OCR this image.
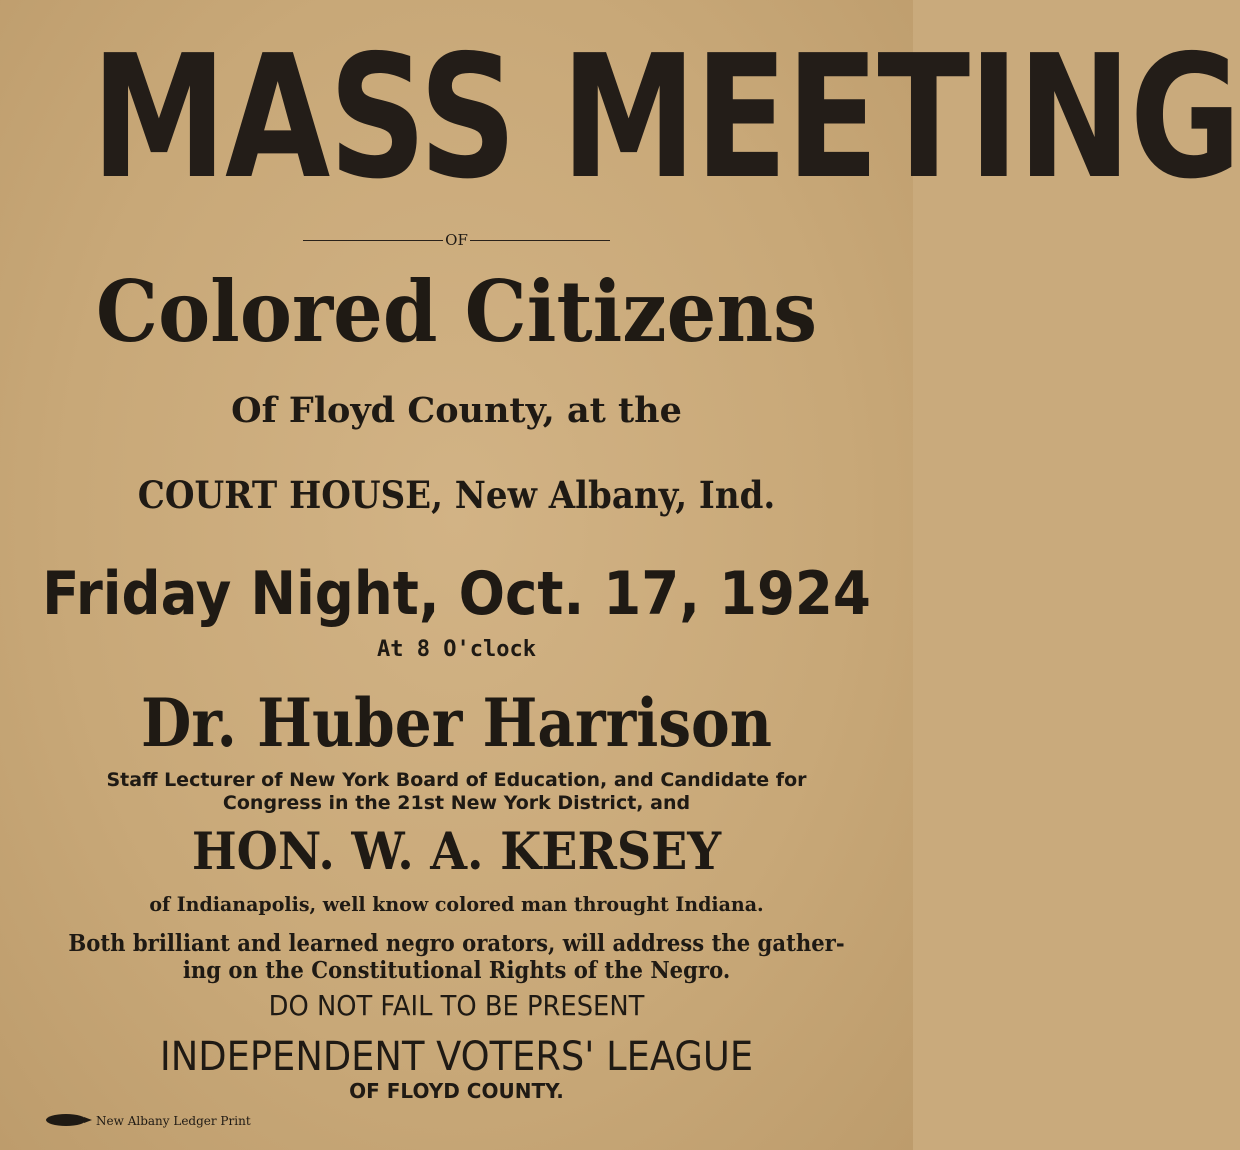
MASS MEETING
OF
Colored Citizens
Of Floyd County, at the
COURT HOUSE, New Albany, Ind.
Friday Night, Oct. 17, 1924
At 8 O'clock
Dr. Huber Harrison
Staff Lecturer of New York Board of Education, and Candidate for
Congress in the 21st New York District, and
HON. W. A. KERSEY
of Indianapolis, well know colored man throught Indiana.
Both brilliant and learned negro orators, will address the gather-
ing on the Constitutional Rights of the Negro.
DO NOT FAIL TO BE PRESENT
INDEPENDENT VOTERS' LEAGUE
OF FLOYD COUNTY.
New Albany Ledger Print
